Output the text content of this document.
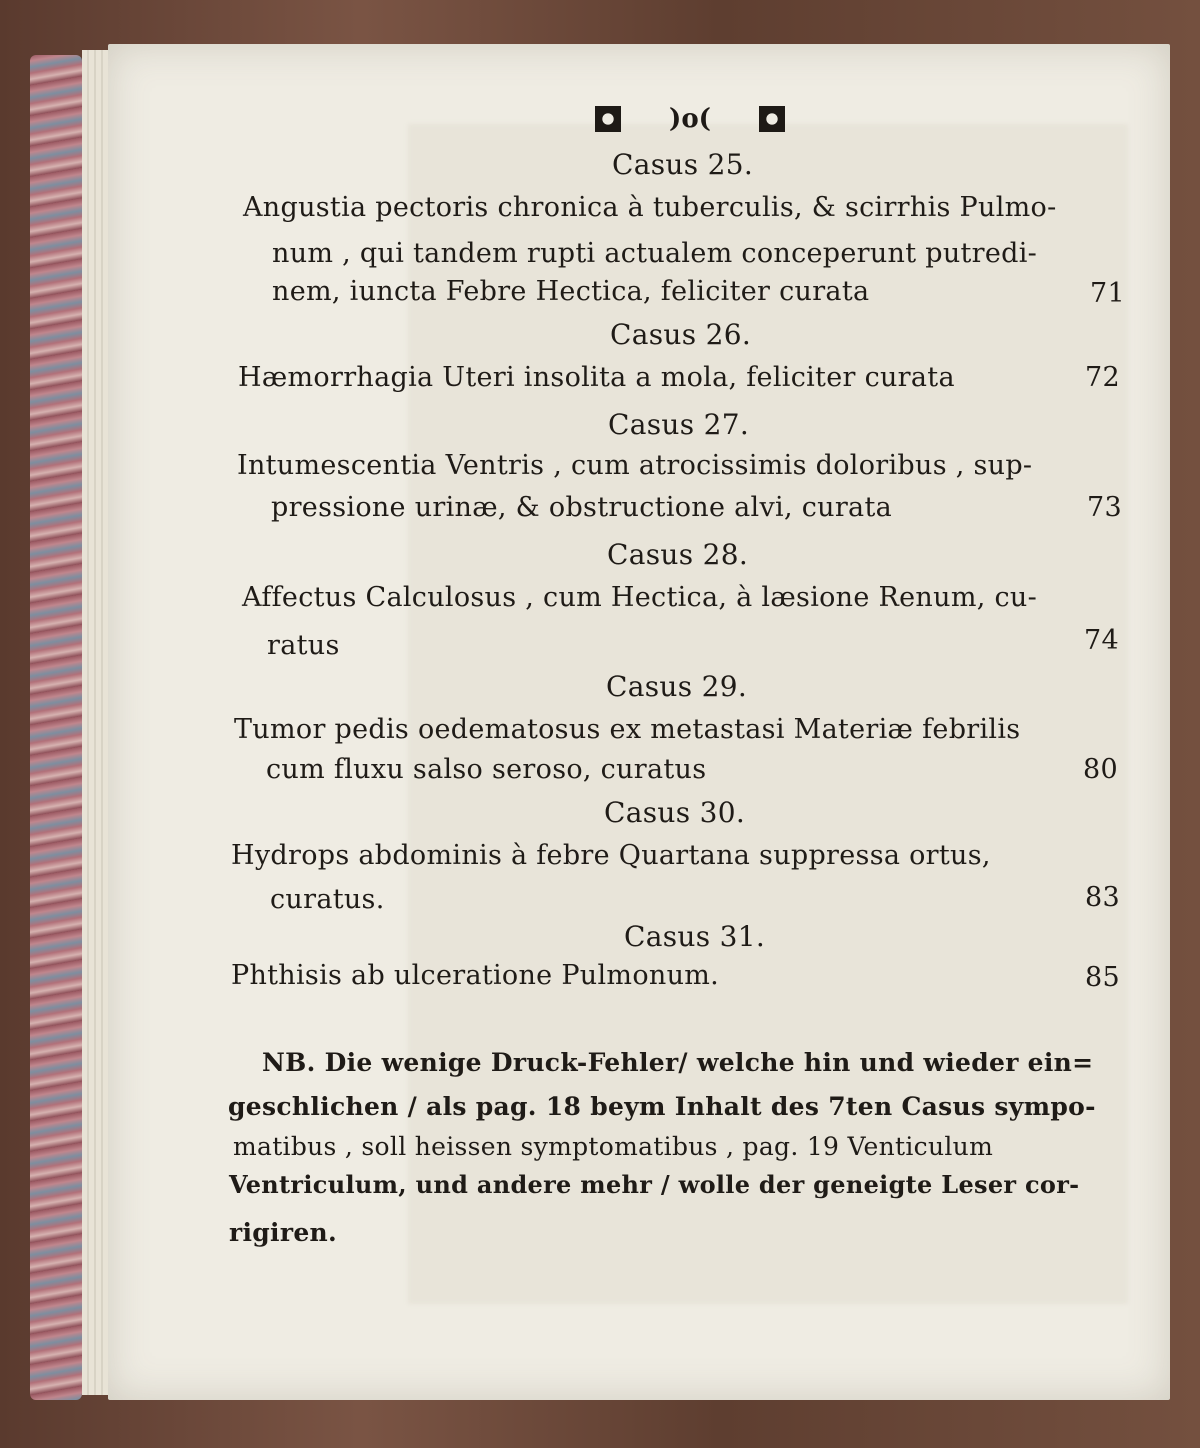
)o(
Casus 25.
Angustia pectoris chronica à tuberculis, & scirrhis Pulmo-
num , qui tandem rupti actualem conceperunt putredi-
nem, iuncta Febre Hectica, feliciter curata	71
Casus 26.
Hæmorrhagia Uteri insolita a mola, feliciter curata	72
Casus 27.
Intumescentia Ventris , cum atrocissimis doloribus , sup-
pressione urinæ, & obstructione alvi, curata	73
Casus 28.
Affectus Calculosus , cum Hectica, à læsione Renum, cu-
ratus	74
Casus 29.
Tumor pedis oedematosus ex metastasi Materiæ febrilis
cum fluxu salso seroso, curatus	80
Casus 30.
Hydrops abdominis à febre Quartana suppressa ortus,
curatus.	83
Casus 31.
Phthisis ab ulceratione Pulmonum.	85
NB. Die wenige Druck-Fehler/ welche hin und wieder ein=
geschlichen / als pag. 18 beym Inhalt des 7ten Casus sympo-
matibus , soll heissen symptomatibus , pag. 19 Venticulum
Ventriculum, und andere mehr / wolle der geneigte Leser cor-
rigiren.
